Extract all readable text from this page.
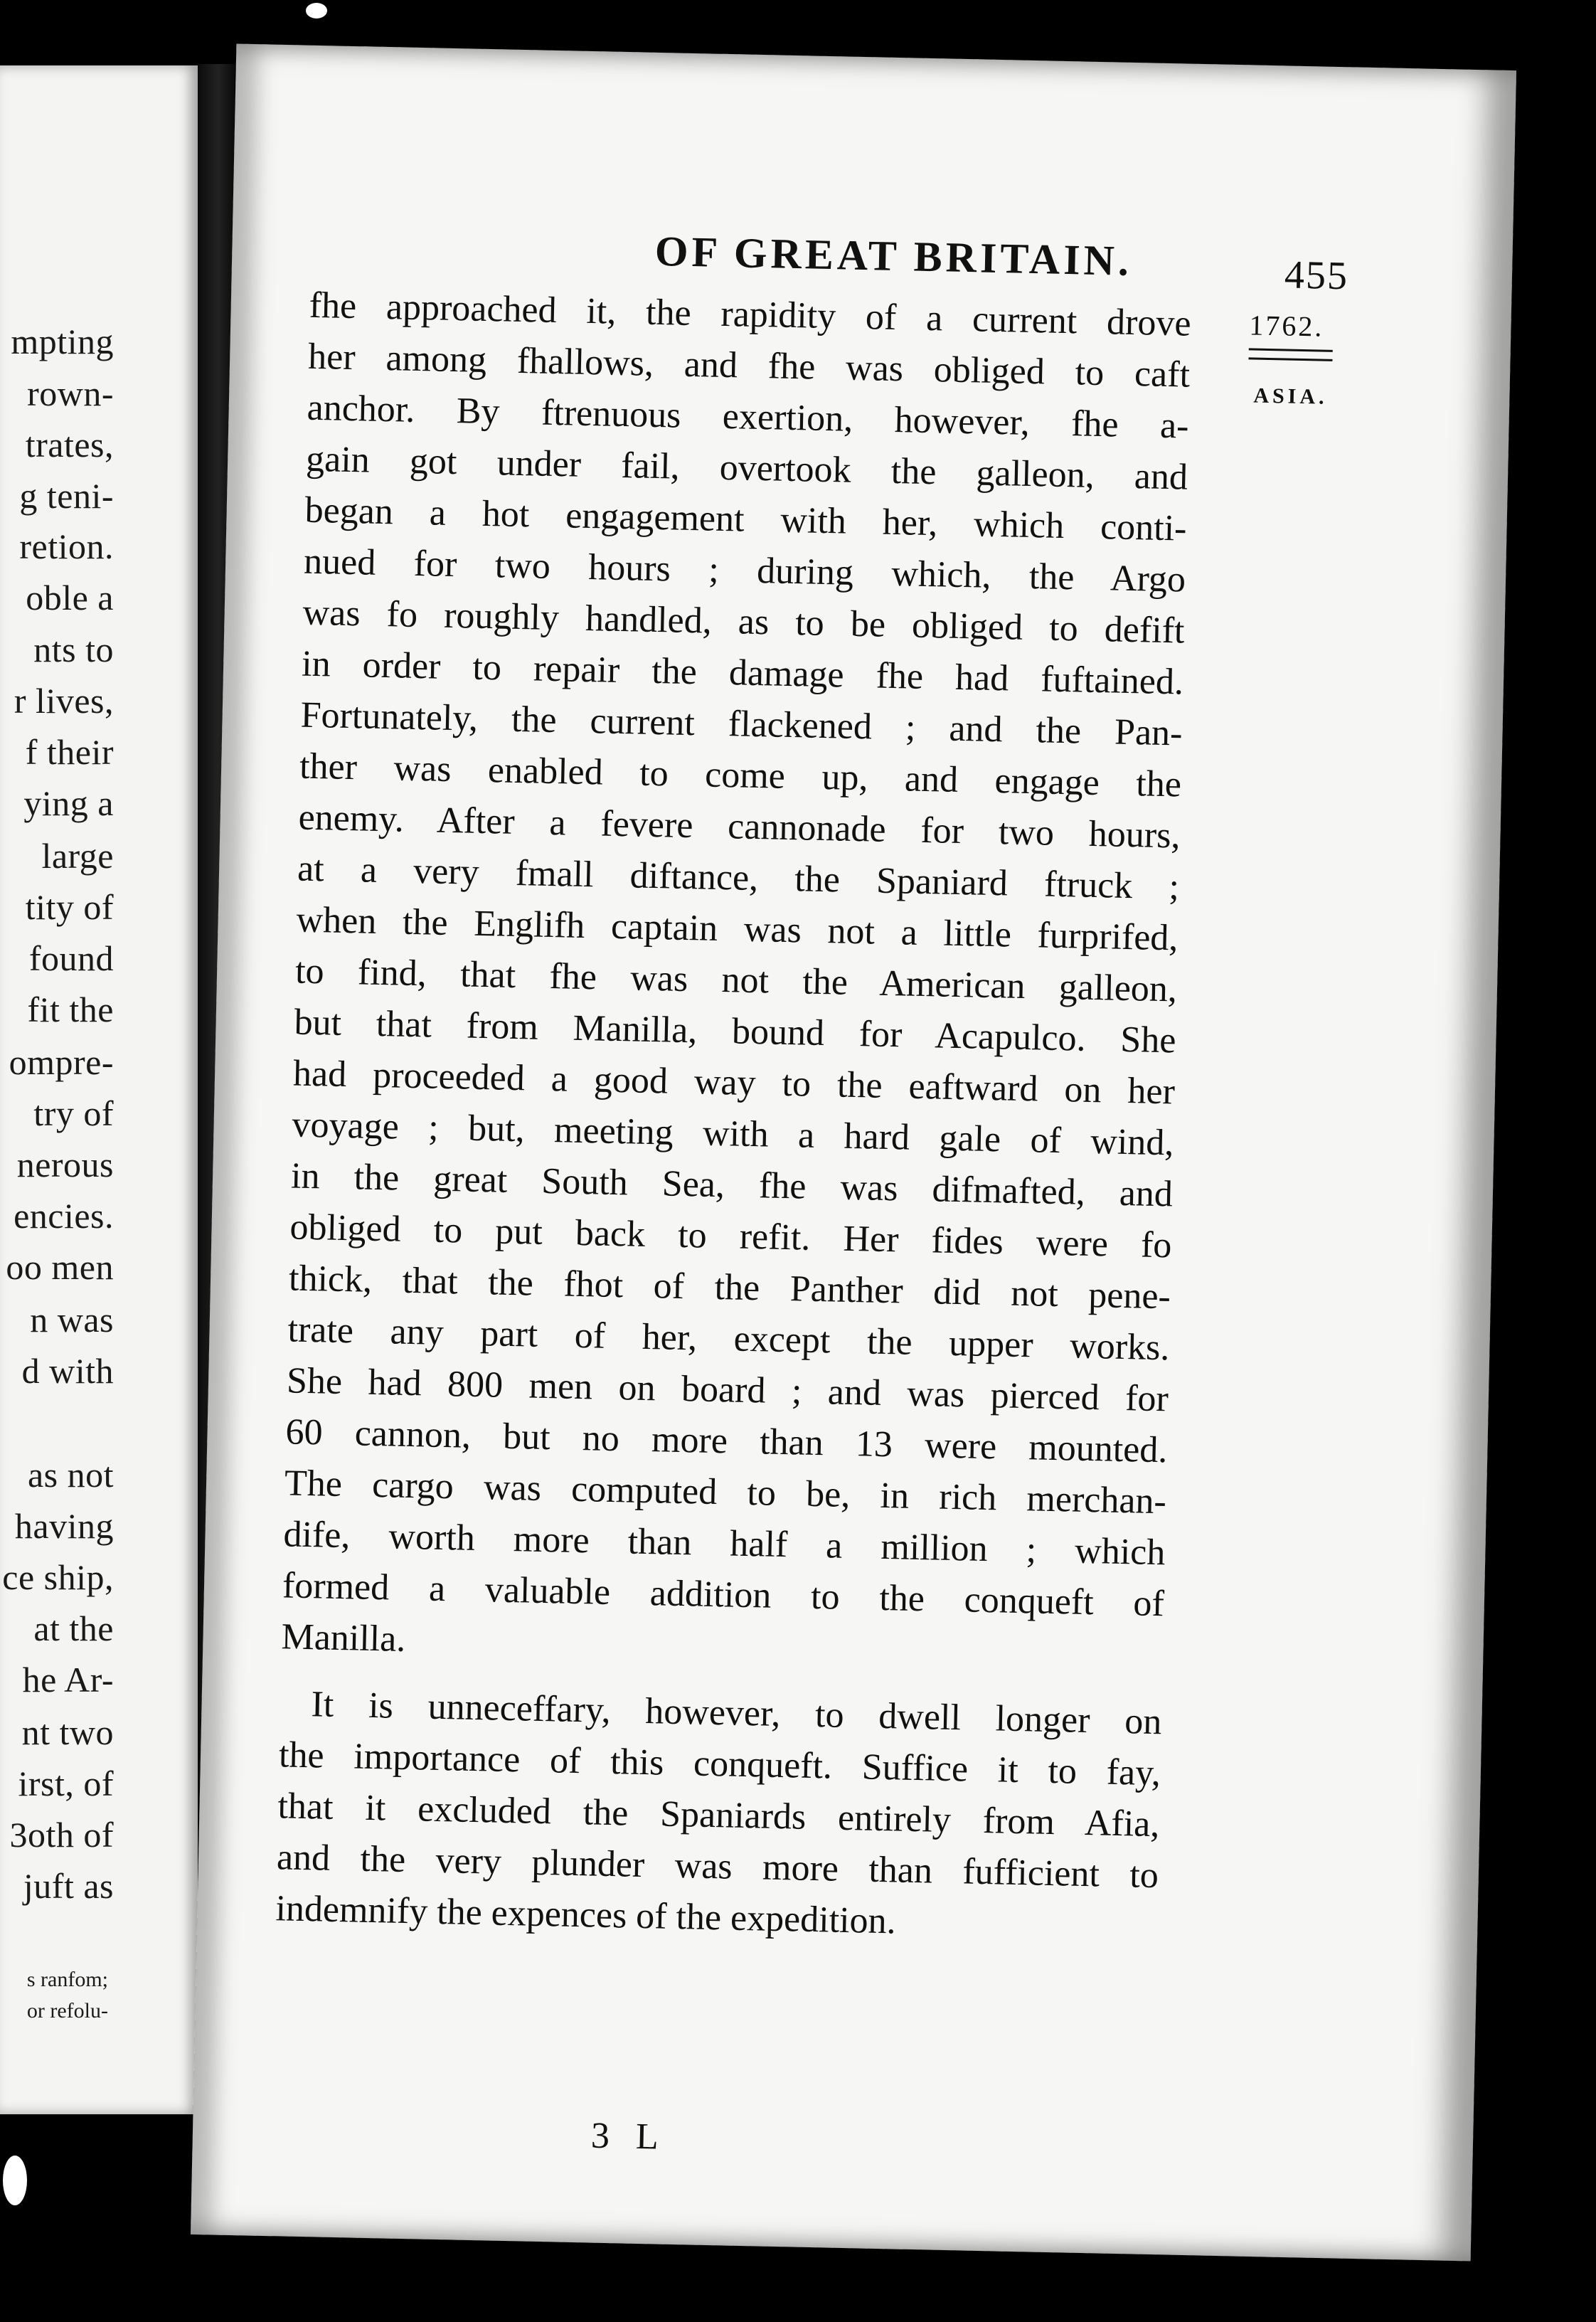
mpting
rown-
trates,
g teni-
retion.
oble a
nts to
r lives,
f their
ying a
large
tity of
found
fit the
ompre-
try of
nerous
encies.
oo men
n was
d with
as not
having
ce ship,
at the
he Ar-
nt two
irst, of
3oth of
juft as
s ranfom;
or refolu-
OF GREAT BRITAIN.	455
1762.
ASIA.
fhe approached it, the rapidity of a current drove
her among fhallows, and fhe was obliged to caft
anchor. By ftrenuous exertion, however, fhe a-
gain got under fail, overtook the galleon, and
began a hot engagement with her, which conti-
nued for two hours ; during which, the Argo
was fo roughly handled, as to be obliged to defift
in order to repair the damage fhe had fuftained.
Fortunately, the current flackened ; and the Pan-
ther was enabled to come up, and engage the
enemy. After a fevere cannonade for two hours,
at a very fmall diftance, the Spaniard ftruck ;
when the Englifh captain was not a little furprifed,
to find, that fhe was not the American galleon,
but that from Manilla, bound for Acapulco. She
had proceeded a good way to the eaftward on her
voyage ; but, meeting with a hard gale of wind,
in the great South Sea, fhe was difmafted, and
obliged to put back to refit. Her fides were fo
thick, that the fhot of the Panther did not pene-
trate any part of her, except the upper works.
She had 800 men on board ; and was pierced for
60 cannon, but no more than 13 were mounted.
The cargo was computed to be, in rich merchan-
dife, worth more than half a million ; which
formed a valuable addition to the conqueft of
Manilla.
It is unneceffary, however, to dwell longer on
the importance of this conqueft. Suffice it to fay,
that it excluded the Spaniards entirely from Afia,
and the very plunder was more than fufficient to
indemnify the expences of the expedition.
3 L
